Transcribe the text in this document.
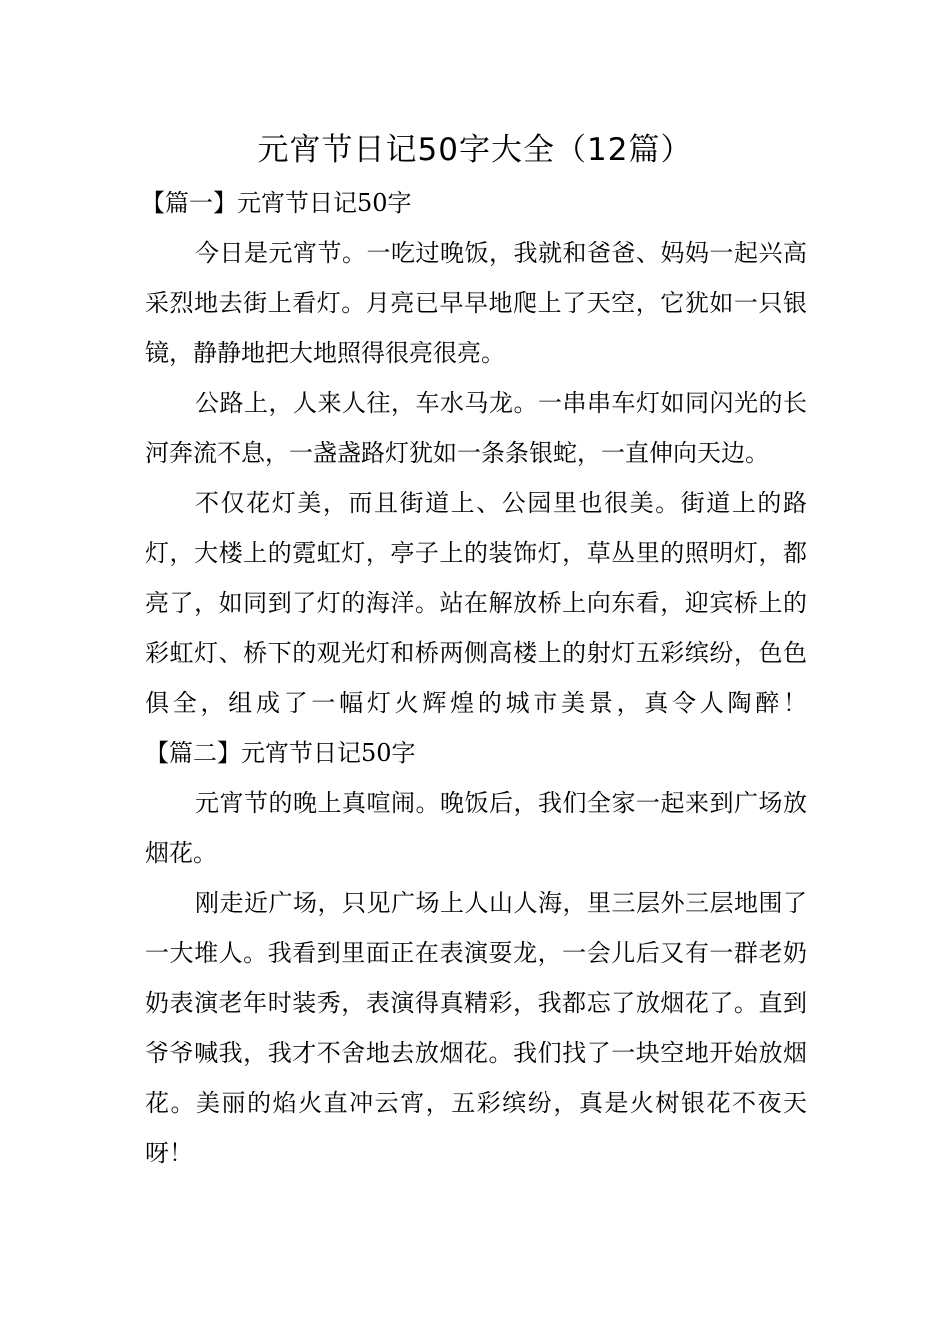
元宵节日记50字大全（12篇）

【篇一】元宵节日记50字

今日是元宵节。一吃过晚饭，我就和爸爸、妈妈一起兴高采烈地去街上看灯。月亮已早早地爬上了天空，它犹如一只银镜，静静地把大地照得很亮很亮。

公路上，人来人往，车水马龙。一串串车灯如同闪光的长河奔流不息，一盏盏路灯犹如一条条银蛇，一直伸向天边。

不仅花灯美，而且街道上、公园里也很美。街道上的路灯，大楼上的霓虹灯，亭子上的装饰灯，草丛里的照明灯，都亮了，如同到了灯的海洋。站在解放桥上向东看，迎宾桥上的彩虹灯、桥下的观光灯和桥两侧高楼上的射灯五彩缤纷，色色俱全，组成了一幅灯火辉煌的城市美景，真令人陶醉！【篇二】元宵节日记50字

元宵节的晚上真喧闹。晚饭后，我们全家一起来到广场放烟花。

刚走近广场，只见广场上人山人海，里三层外三层地围了一大堆人。我看到里面正在表演耍龙，一会儿后又有一群老奶奶表演老年时装秀，表演得真精彩，我都忘了放烟花了。直到爷爷喊我，我才不舍地去放烟花。我们找了一块空地开始放烟花。美丽的焰火直冲云宵，五彩缤纷，真是火树银花不夜天呀！
